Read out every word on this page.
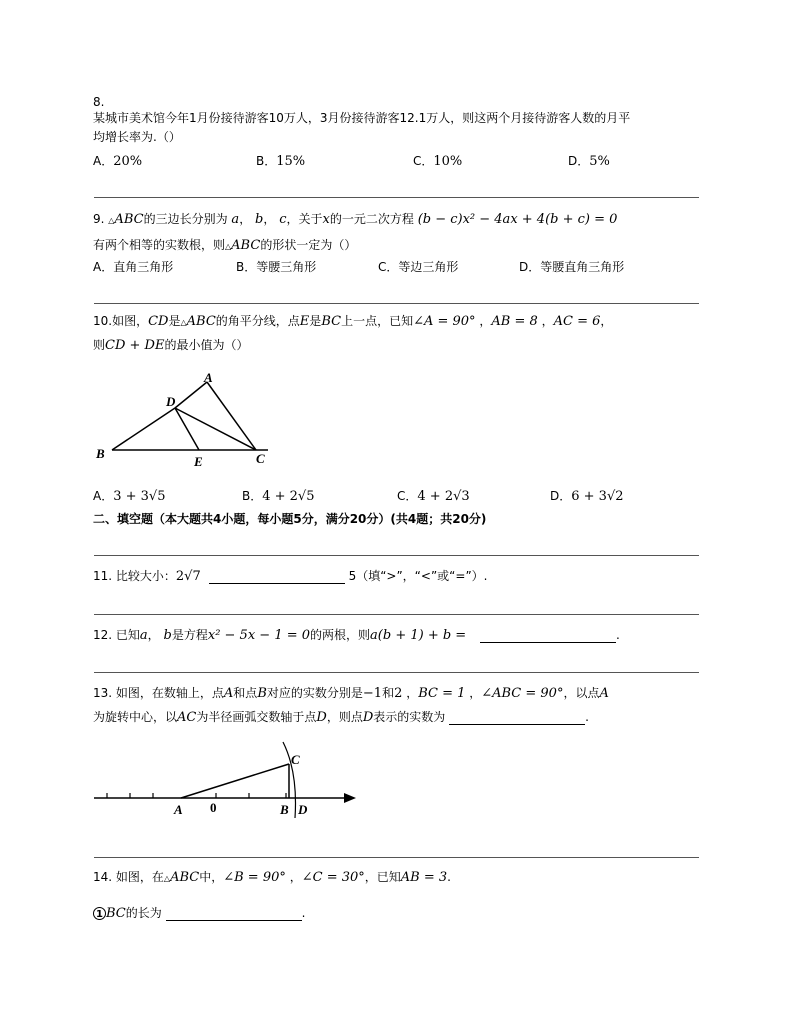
8.
某城市美术馆今年1月份接待游客10万人，3月份接待游客12.1万人，则这两个月接待游客人数的月平
均增长率为.（）
A．20%	B．15%	C．10%	D．5%
9. △ABC的三边长分别为 a， b， c，关于x的一元二次方程 (b − c)x² − 4ax + 4(b + c) = 0
有两个相等的实数根，则△ABC的形状一定为（）
A．直角三角形	B．等腰三角形	C．等边三角形	D．等腰直角三角形
10.如图，CD是△ABC的角平分线，点E是BC上一点，已知∠A = 90° ，AB = 8 ，AC = 6，
则CD + DE的最小值为（）
A
D
B
E	C
A．3 + 3√5	B．4 + 2√5	C．4 + 2√3	D．6 + 3√2
二、填空题（本大题共4小题，每小题5分，满分20分）(共4题；共20分)
11. 比较大小：2√7	5（填“>”，“<”或“=”）.
12. 已知a， b是方程x² − 5x − 1 = 0的两根，则a(b + 1) + b =	.
13. 如图，在数轴上，点A和点B对应的实数分别是−1和2 ，BC = 1 ，∠ABC = 90°，以点A
为旋转中心，以AC为半径画弧交数轴于点D，则点D表示的实数为	.
A 0	B D
C
14. 如图，在△ABC中，∠B = 90° ，∠C = 30°，已知AB = 3.
1 BC的长为	.
